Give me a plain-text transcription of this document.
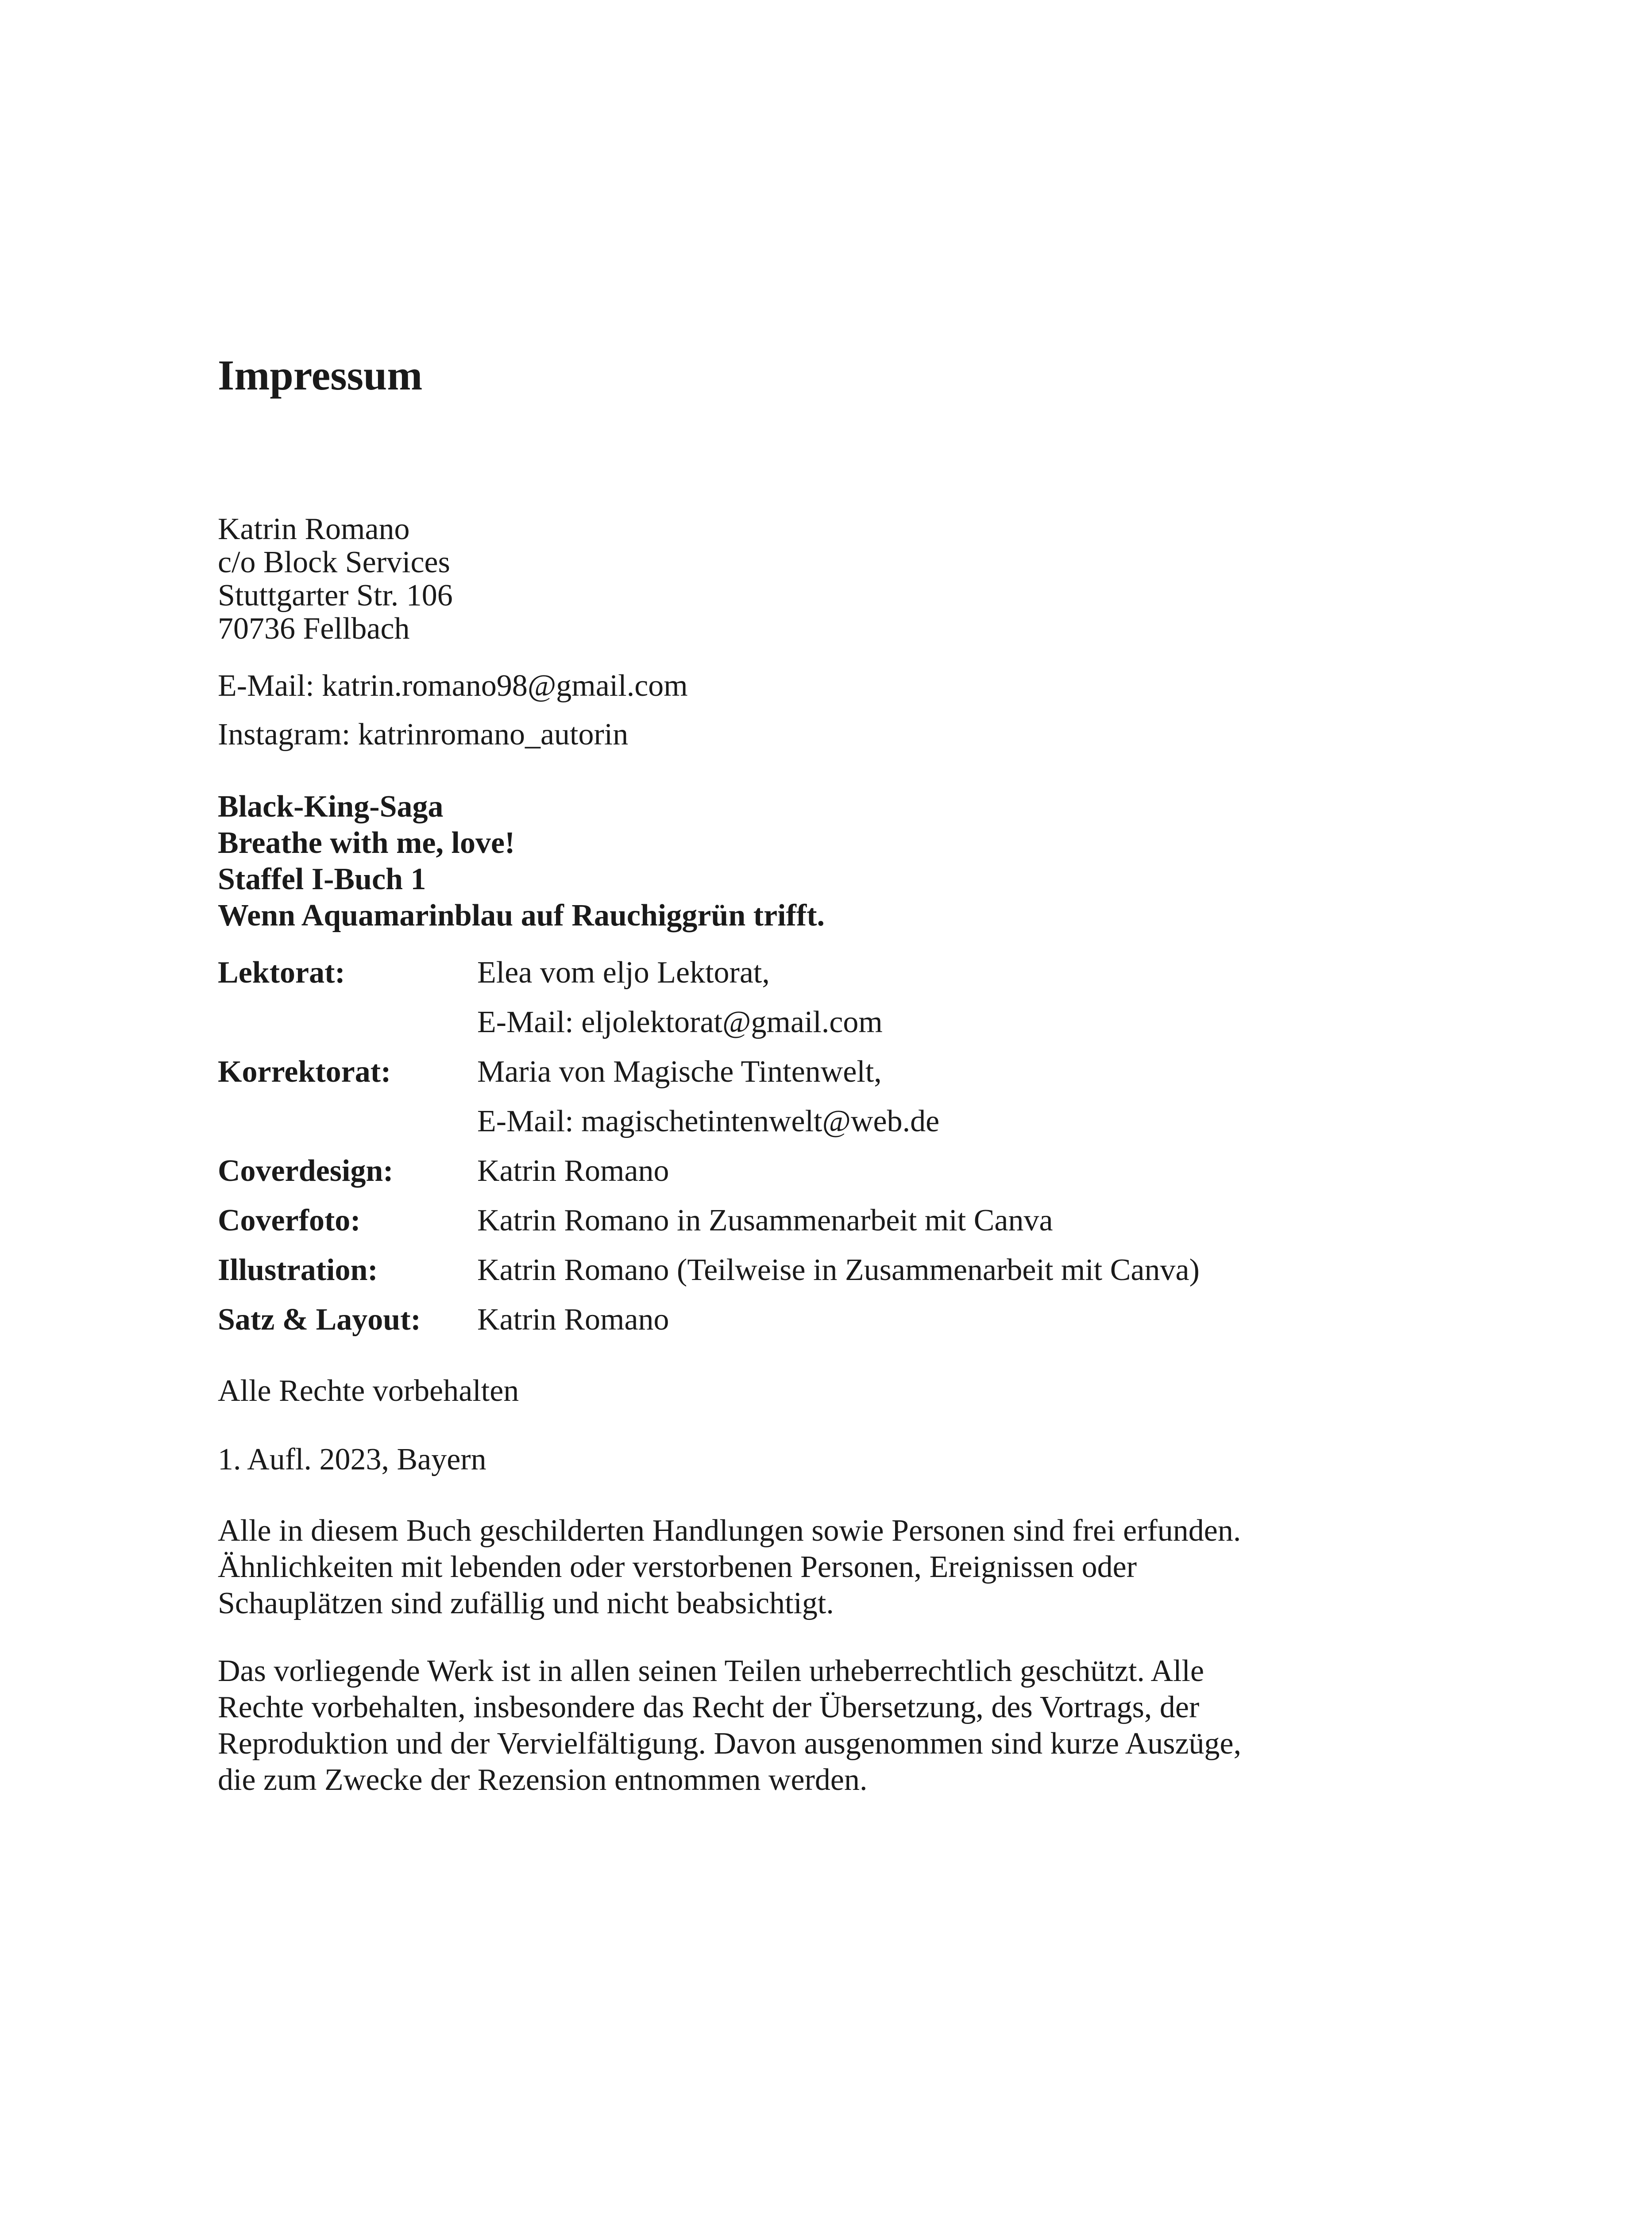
Impressum
Katrin Romano
c/o Block Services
Stuttgarter Str. 106
70736 Fellbach
E-Mail: katrin.romano98@gmail.com
Instagram: katrinromano_autorin
Black-King-Saga
Breathe with me, love!
Staffel I-Buch 1
Wenn Aquamarinblau auf Rauchiggrün trifft.
Lektorat:	Elea vom eljo Lektorat,
E-Mail: eljolektorat@gmail.com
Korrektorat:	Maria von Magische Tintenwelt,
E-Mail: magischetintenwelt@web.de
Coverdesign:	Katrin Romano
Coverfoto:	Katrin Romano in Zusammenarbeit mit Canva
Illustration:	Katrin Romano (Teilweise in Zusammenarbeit mit Canva)
Satz & Layout:	Katrin Romano
Alle Rechte vorbehalten
1. Aufl. 2023, Bayern
Alle in diesem Buch geschilderten Handlungen sowie Personen sind frei erfunden.
Ähnlichkeiten mit lebenden oder verstorbenen Personen, Ereignissen oder
Schauplätzen sind zufällig und nicht beabsichtigt.
Das vorliegende Werk ist in allen seinen Teilen urheberrechtlich geschützt. Alle
Rechte vorbehalten, insbesondere das Recht der Übersetzung, des Vortrags, der
Reproduktion und der Vervielfältigung. Davon ausgenommen sind kurze Auszüge,
die zum Zwecke der Rezension entnommen werden.
